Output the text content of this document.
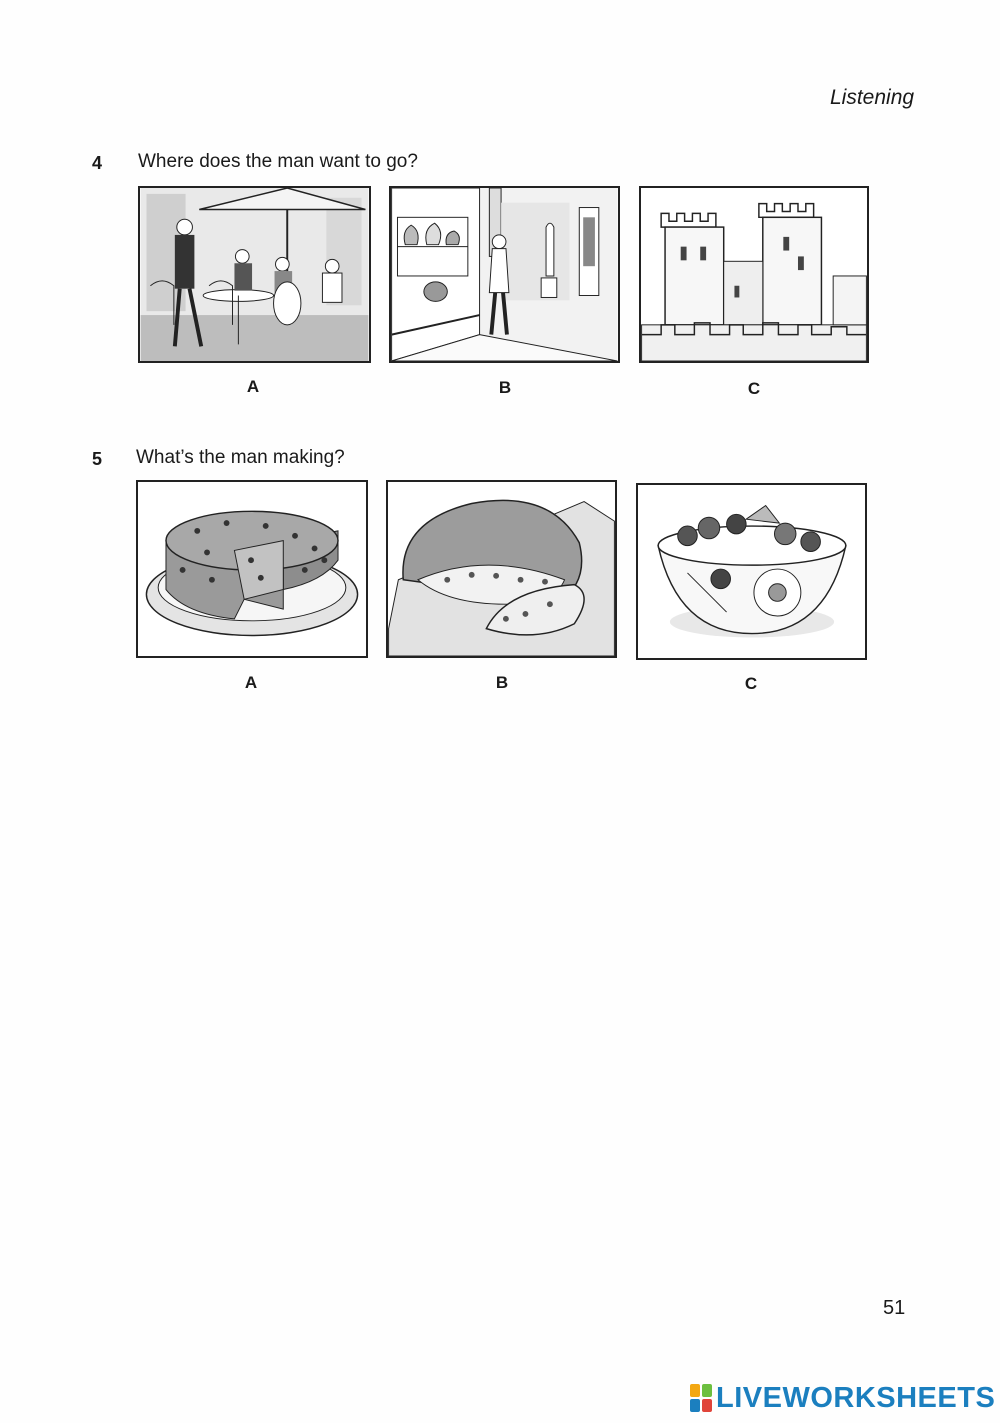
Listening
4 Where does the man want to go?
A	B	C
5 What’s the man making?
A	B	C
51
LIVEWORKSHEETS
